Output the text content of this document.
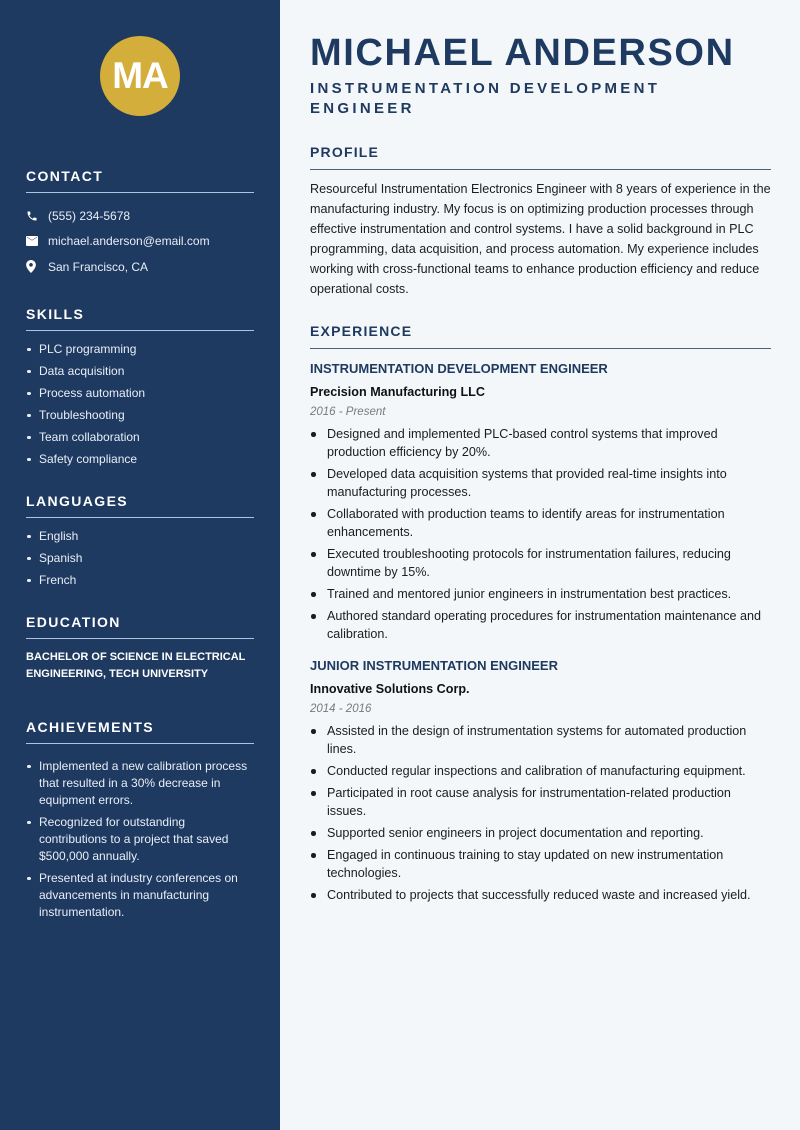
MA
CONTACT
(555) 234-5678
michael.anderson@email.com
San Francisco, CA
SKILLS
PLC programming
Data acquisition
Process automation
Troubleshooting
Team collaboration
Safety compliance
LANGUAGES
English
Spanish
French
EDUCATION
BACHELOR OF SCIENCE IN ELECTRICAL ENGINEERING, TECH UNIVERSITY
ACHIEVEMENTS
Implemented a new calibration process that resulted in a 30% decrease in equipment errors.
Recognized for outstanding contributions to a project that saved $500,000 annually.
Presented at industry conferences on advancements in manufacturing instrumentation.
MICHAEL ANDERSON
INSTRUMENTATION DEVELOPMENT ENGINEER
PROFILE

Resourceful Instrumentation Electronics Engineer with 8 years of experience in the manufacturing industry. My focus is on optimizing production processes through effective instrumentation and control systems. I have a solid background in PLC programming, data acquisition, and process automation. My experience includes working with cross-functional teams to enhance production efficiency and reduce operational costs.

EXPERIENCE
INSTRUMENTATION DEVELOPMENT ENGINEER
Precision Manufacturing LLC
2016 - Present
Designed and implemented PLC-based control systems that improved production efficiency by 20%.
Developed data acquisition systems that provided real-time insights into manufacturing processes.
Collaborated with production teams to identify areas for instrumentation enhancements.
Executed troubleshooting protocols for instrumentation failures, reducing downtime by 15%.
Trained and mentored junior engineers in instrumentation best practices.
Authored standard operating procedures for instrumentation maintenance and calibration.
JUNIOR INSTRUMENTATION ENGINEER
Innovative Solutions Corp.
2014 - 2016
Assisted in the design of instrumentation systems for automated production lines.
Conducted regular inspections and calibration of manufacturing equipment.
Participated in root cause analysis for instrumentation-related production issues.
Supported senior engineers in project documentation and reporting.
Engaged in continuous training to stay updated on new instrumentation technologies.
Contributed to projects that successfully reduced waste and increased yield.
